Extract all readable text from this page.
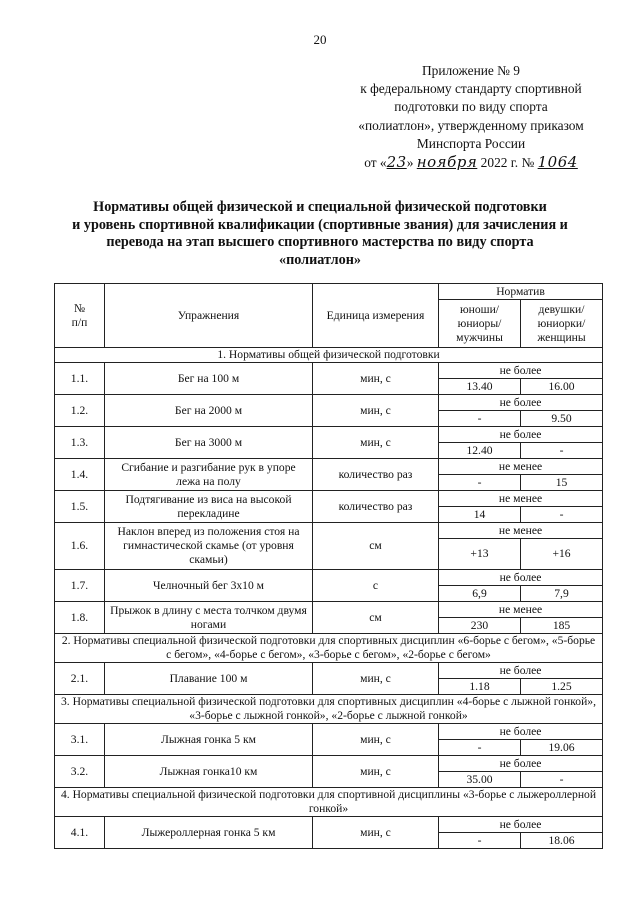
20
Приложение № 9
к федеральному стандарту спортивной
подготовки по виду спорта
«полиатлон», утвержденному приказом
Минспорта России
от «23» ноября 2022 г. № 1064
Нормативы общей физической и специальной физической подготовки
и уровень спортивной квалификации (спортивные звания) для зачисления и
перевода на этап высшего спортивного мастерства по виду спорта
«полиатлон»
№
п/п	Упражнения	Единица измерения	Норматив	
			юноши/
юниоры/
мужчины	девушки/
юниорки/
женщины
1. Нормативы общей физической подготовки				
1.1.	Бег на 100 м	мин, с	не более	
			13.40	16.00
1.2.	Бег на 2000 м	мин, с	не более	
			-	9.50
1.3.	Бег на 3000 м	мин, с	не более	
			12.40	-
1.4.	Сгибание и разгибание рук в упоре лежа на полу	количество раз	не менее	
			-	15
1.5.	Подтягивание из виса на высокой перекладине	количество раз	не менее	
			14	-
1.6.	Наклон вперед из положения стоя на гимнастической скамье (от уровня скамьи)	см	не менее	
			+13	+16
1.7.	Челночный бег 3х10 м	с	не более	
			6,9	7,9
1.8.	Прыжок в длину с места толчком двумя ногами	см	не менее	
			230	185
2. Нормативы специальной физической подготовки для спортивных дисциплин «6-борье с бегом», «5-борье с бегом», «4-борье с бегом», «3-борье с бегом», «2-борье с бегом»				
2.1.	Плавание 100 м	мин, с	не более	
			1.18	1.25
3. Нормативы специальной физической подготовки для спортивных дисциплин «4-борье с лыжной гонкой», «3-борье с лыжной гонкой», «2-борье с лыжной гонкой»				
3.1.	Лыжная гонка 5 км	мин, с	не более	
			-	19.06
3.2.	Лыжная гонка10 км	мин, с	не более	
			35.00	-
4. Нормативы специальной физической подготовки для спортивной дисциплины «3-борье с лыжероллерной гонкой»				
4.1.	Лыжероллерная гонка 5 км	мин, с	не более	
			-	18.06
